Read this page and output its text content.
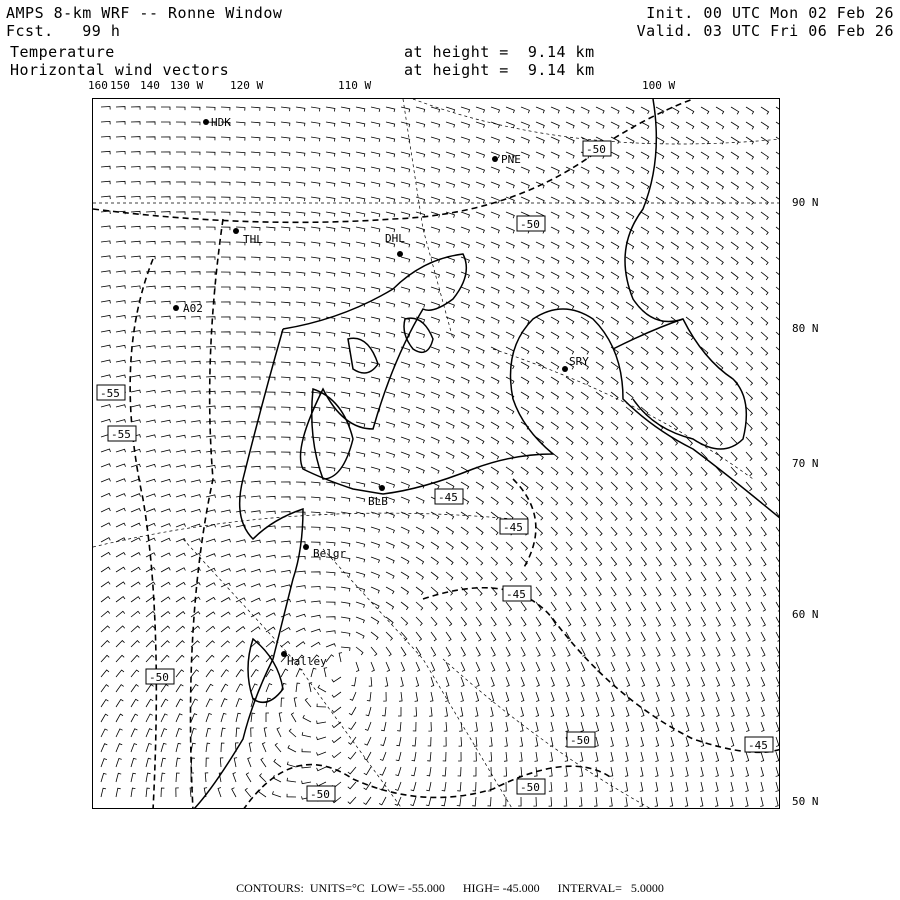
AMPS 8-km WRF -- Ronne Window
Fcst.   99 h
Temperature
Horizontal wind vectors
at height =  9.14 km
at height =  9.14 km
Init. 00 UTC Mon 02 Feb 26
Valid. 03 UTC Fri 06 Feb 26
160 150 140 130 W 120 W	110 W	100 W
90 N
80 N
70 N
60 N
50 N
HDK
PNE
THL	DHL
A02
SRY
BLB
Belgr
Halley
-50
-50
-55
-55
-45
-45
-45
-50
-50
-50
-50
-45
CONTOURS:  UNITS=°C  LOW= -55.000      HIGH= -45.000      INTERVAL=   5.0000
